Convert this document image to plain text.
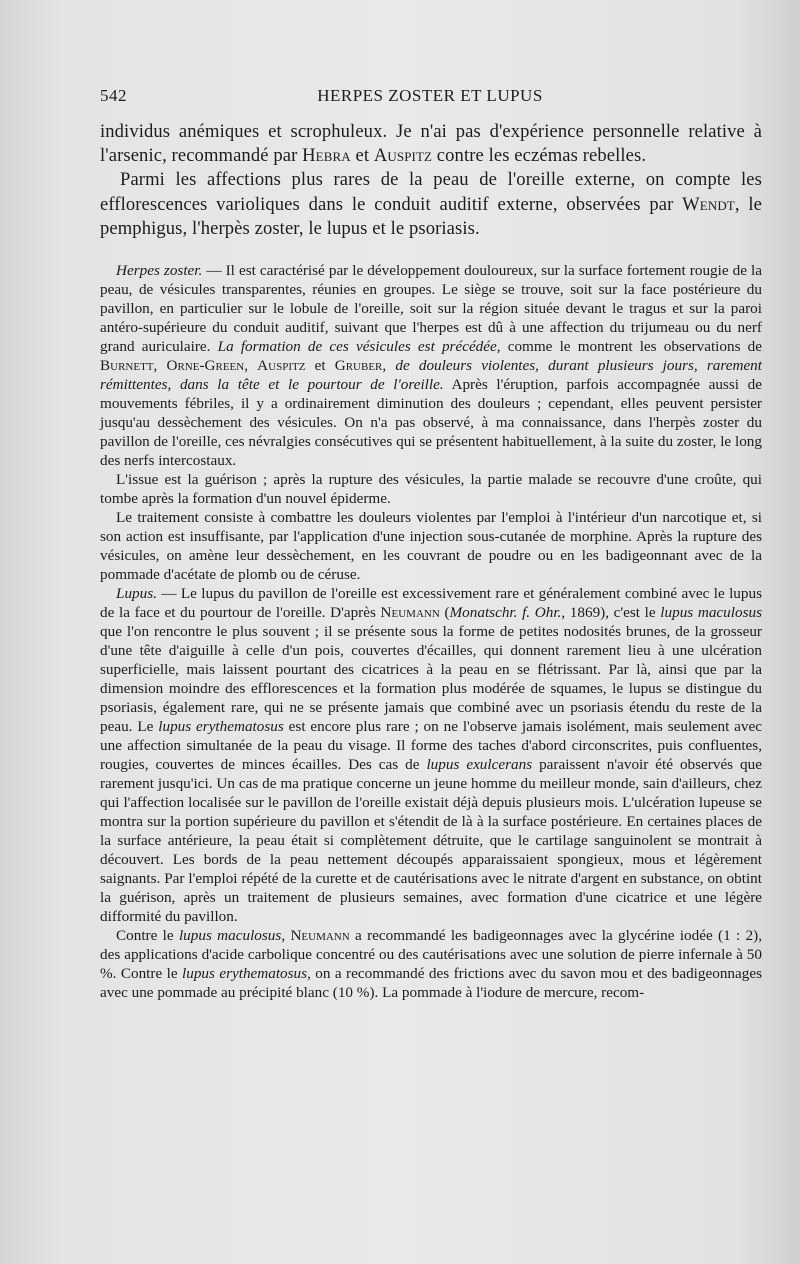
542	HERPES ZOSTER ET LUPUS

individus anémiques et scrophuleux. Je n'ai pas d'expérience personnelle relative à l'arsenic, recommandé par Hebra et Auspitz contre les eczémas rebelles.

Parmi les affections plus rares de la peau de l'oreille externe, on compte les efflorescences varioliques dans le conduit auditif externe, observées par Wendt, le pemphigus, l'herpès zoster, le lupus et le psoriasis.

Herpes zoster. — Il est caractérisé par le développement douloureux, sur la surface fortement rougie de la peau, de vésicules transparentes, réunies en groupes. Le siège se trouve, soit sur la face postérieure du pavillon, en particulier sur le lobule de l'oreille, soit sur la région située devant le tragus et sur la paroi antéro-supérieure du conduit auditif, suivant que l'herpes est dû à une affection du trijumeau ou du nerf grand auriculaire. La formation de ces vésicules est précédée, comme le montrent les observations de Burnett, Orne-Green, Auspitz et Gruber, de douleurs violentes, durant plusieurs jours, rarement rémittentes, dans la tête et le pourtour de l'oreille. Après l'éruption, parfois accompagnée aussi de mouvements fébriles, il y a ordinairement diminution des douleurs ; cependant, elles peuvent persister jusqu'au dessèchement des vésicules. On n'a pas observé, à ma connaissance, dans l'herpès zoster du pavillon de l'oreille, ces névralgies consécutives qui se présentent habituellement, à la suite du zoster, le long des nerfs intercostaux.

L'issue est la guérison ; après la rupture des vésicules, la partie malade se recouvre d'une croûte, qui tombe après la formation d'un nouvel épiderme.

Le traitement consiste à combattre les douleurs violentes par l'emploi à l'intérieur d'un narcotique et, si son action est insuffisante, par l'application d'une injection sous-cutanée de morphine. Après la rupture des vésicules, on amène leur dessèchement, en les couvrant de poudre ou en les badigeonnant avec de la pommade d'acétate de plomb ou de céruse.

Lupus. — Le lupus du pavillon de l'oreille est excessivement rare et généralement combiné avec le lupus de la face et du pourtour de l'oreille. D'après Neumann (Monatschr. f. Ohr., 1869), c'est le lupus maculosus que l'on rencontre le plus souvent ; il se présente sous la forme de petites nodosités brunes, de la grosseur d'une tête d'aiguille à celle d'un pois, couvertes d'écailles, qui donnent rarement lieu à une ulcération superficielle, mais laissent pourtant des cicatrices à la peau en se flétrissant. Par là, ainsi que par la dimension moindre des efflorescences et la formation plus modérée de squames, le lupus se distingue du psoriasis, également rare, qui ne se présente jamais que combiné avec un psoriasis étendu du reste de la peau. Le lupus erythematosus est encore plus rare ; on ne l'observe jamais isolément, mais seulement avec une affection simultanée de la peau du visage. Il forme des taches d'abord circonscrites, puis confluentes, rougies, couvertes de minces écailles. Des cas de lupus exulcerans paraissent n'avoir été observés que rarement jusqu'ici. Un cas de ma pratique concerne un jeune homme du meilleur monde, sain d'ailleurs, chez qui l'affection localisée sur le pavillon de l'oreille existait déjà depuis plusieurs mois. L'ulcération lupeuse se montra sur la portion supérieure du pavillon et s'étendit de là à la surface postérieure. En certaines places de la surface antérieure, la peau était si complètement détruite, que le cartilage sanguinolent se montrait à découvert. Les bords de la peau nettement découpés apparaissaient spongieux, mous et légèrement saignants. Par l'emploi répété de la curette et de cautérisations avec le nitrate d'argent en substance, on obtint la guérison, après un traitement de plusieurs semaines, avec formation d'une cicatrice et une légère difformité du pavillon.

Contre le lupus maculosus, Neumann a recommandé les badigeonnages avec la glycérine iodée (1 : 2), des applications d'acide carbolique concentré ou des cautérisations avec une solution de pierre infernale à 50 %. Contre le lupus erythematosus, on a recommandé des frictions avec du savon mou et des badigeonnages avec une pommade au précipité blanc (10 %). La pommade à l'iodure de mercure, recom-
